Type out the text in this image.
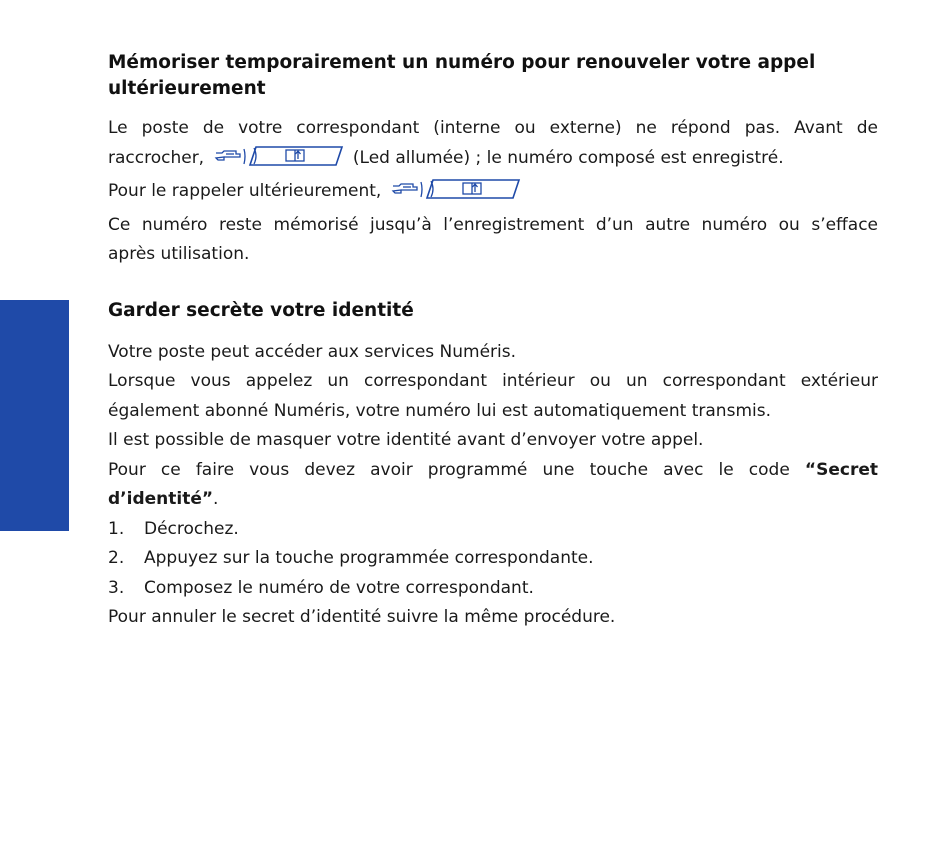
Mémoriser temporairement un numéro pour renouveler votre appel
ultérieurement

Le poste de votre correspondant (interne ou externe) ne répond pas. Avant de

raccrocher,	(Led allumée) ; le numéro composé est enregistré.

Pour le rappeler ultérieurement,

Ce numéro reste mémorisé jusqu’à l’enregistrement d’un autre numéro ou s’efface

après utilisation.

Garder secrète votre identité

Votre poste peut accéder aux services Numéris.

Lorsque vous appelez un correspondant intérieur ou un correspondant extérieur

également abonné Numéris, votre numéro lui est automatiquement transmis.

Il est possible de masquer votre identité avant d’envoyer votre appel.

Pour ce faire vous devez avoir programmé une touche avec le code “Secret

d’identité”.

1. Décrochez.

2. Appuyez sur la touche programmée correspondante.

3. Composez le numéro de votre correspondant.

Pour annuler le secret d’identité suivre la même procédure.
